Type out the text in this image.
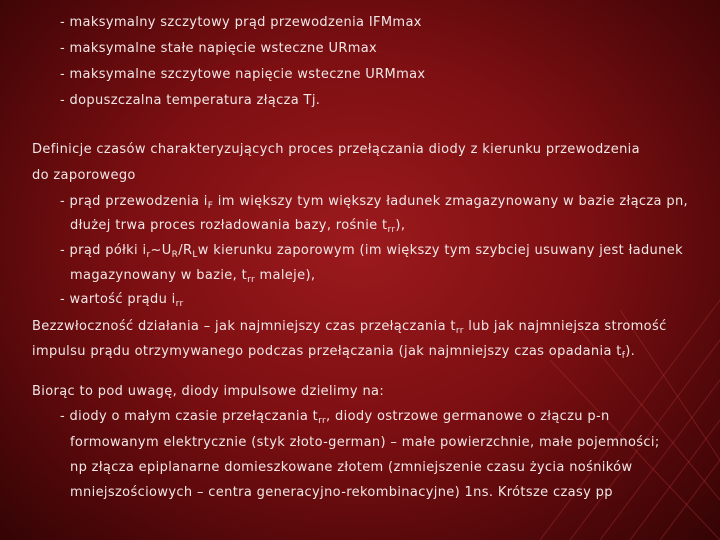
- maksymalny szczytowy prąd przewodzenia IFMmax
- maksymalne stałe napięcie wsteczne URmax
- maksymalne szczytowe napięcie wsteczne URMmax
- dopuszczalna temperatura złącza Tj.
Definicje czasów charakteryzujących proces przełączania diody z kierunku przewodzenia
do zaporowego
- prąd przewodzenia $i_F$ im większy tym większy ładunek zmagazynowany w bazie złącza pn,
dłużej trwa proces rozładowania bazy, rośnie $t_{rr}$),
- prąd półki $i_r\sim U_R/R_Lw$ kierunku zaporowym (im większy tym szybciej usuwany jest ładunek
magazynowany w bazie, $t_{rr}$ maleje),
- wartość prądu $i_{rr}$
Bezzwłoczność działania – jak najmniejszy czas przełączania $t_{rr}$ lub jak najmniejsza stromość
impulsu prądu otrzymywanego podczas przełączania (jak najmniejszy czas opadania $t_f$).
Biorąc to pod uwagę, diody impulsowe dzielimy na:
- diody o małym czasie przełączania $t_{rr}$, diody ostrzowe germanowe o złączu p-n
formowanym elektrycznie (styk złoto-german) – małe powierzchnie, małe pojemności;
np złącza epiplanarne domieszkowane złotem (zmniejszenie czasu życia nośników
mniejszościowych – centra generacyjno-rekombinacyjne) 1ns. Krótsze czasy pp
